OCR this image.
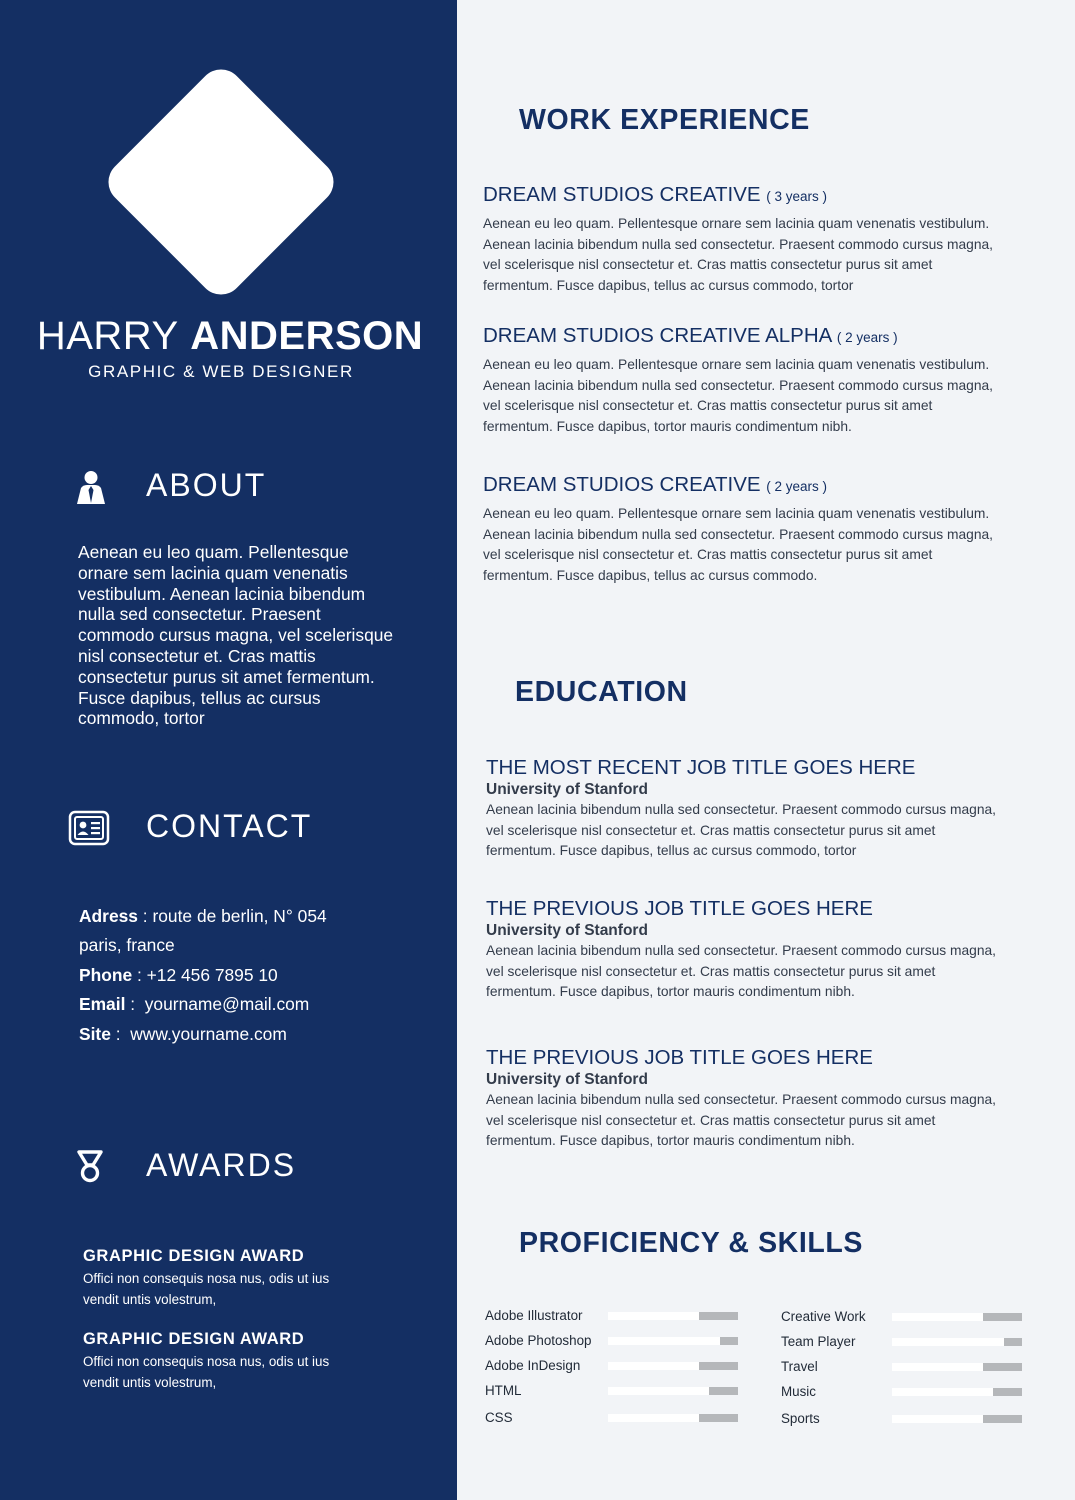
HARRY ANDERSON
GRAPHIC & WEB DESIGNER
ABOUT

Aenean eu leo quam. Pellentesque ornare sem lacinia quam venenatis vestibulum. Aenean lacinia bibendum nulla sed consectetur. Praesent commodo cursus magna, vel scelerisque nisl consectetur et. Cras mattis consectetur purus sit amet fermentum. Fusce dapibus, tellus ac cursus commodo, tortor

CONTACT
Adress : route de berlin, N° 054
paris, france
Phone : +12 456 7895 10
Email :  yourname@mail.com
Site :  www.yourname.com
AWARDS
GRAPHIC DESIGN AWARD
Offici non consequis nosa nus, odis ut ius
vendit untis volestrum,
GRAPHIC DESIGN AWARD
Offici non consequis nosa nus, odis ut ius
vendit untis volestrum,
WORK EXPERIENCE
DREAM STUDIOS CREATIVE ( 3 years )
Aenean eu leo quam. Pellentesque ornare sem lacinia quam venenatis vestibulum.
Aenean lacinia bibendum nulla sed consectetur. Praesent commodo cursus magna,
vel scelerisque nisl consectetur et. Cras mattis consectetur purus sit amet
fermentum. Fusce dapibus, tellus ac cursus commodo, tortor
DREAM STUDIOS CREATIVE ALPHA ( 2 years )
Aenean eu leo quam. Pellentesque ornare sem lacinia quam venenatis vestibulum.
Aenean lacinia bibendum nulla sed consectetur. Praesent commodo cursus magna,
vel scelerisque nisl consectetur et. Cras mattis consectetur purus sit amet
fermentum. Fusce dapibus, tortor mauris condimentum nibh.
DREAM STUDIOS CREATIVE ( 2 years )
Aenean eu leo quam. Pellentesque ornare sem lacinia quam venenatis vestibulum.
Aenean lacinia bibendum nulla sed consectetur. Praesent commodo cursus magna,
vel scelerisque nisl consectetur et. Cras mattis consectetur purus sit amet
fermentum. Fusce dapibus, tellus ac cursus commodo.
EDUCATION
THE MOST RECENT JOB TITLE GOES HERE
University of Stanford
Aenean lacinia bibendum nulla sed consectetur. Praesent commodo cursus magna,
vel scelerisque nisl consectetur et. Cras mattis consectetur purus sit amet
fermentum. Fusce dapibus, tellus ac cursus commodo, tortor
THE PREVIOUS JOB TITLE GOES HERE
University of Stanford
Aenean lacinia bibendum nulla sed consectetur. Praesent commodo cursus magna,
vel scelerisque nisl consectetur et. Cras mattis consectetur purus sit amet
fermentum. Fusce dapibus, tortor mauris condimentum nibh.
THE PREVIOUS JOB TITLE GOES HERE
University of Stanford
Aenean lacinia bibendum nulla sed consectetur. Praesent commodo cursus magna,
vel scelerisque nisl consectetur et. Cras mattis consectetur purus sit amet
fermentum. Fusce dapibus, tortor mauris condimentum nibh.
PROFICIENCY & SKILLS
Adobe Illustrator
Adobe Photoshop
Adobe InDesign
HTML
CSS
Creative Work
Team Player
Travel
Music
Sports
